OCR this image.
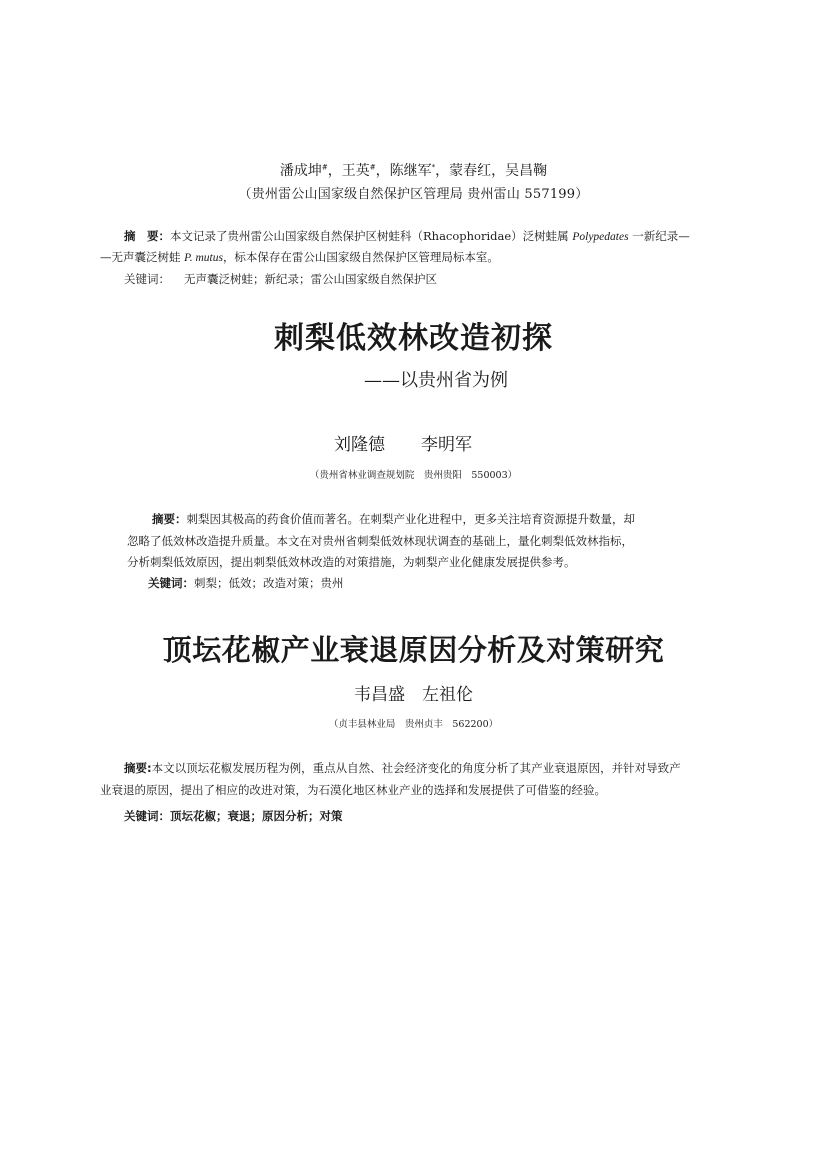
潘成坤#，王英#，陈继军*，蒙春红，吴昌鞠
（贵州雷公山国家级自然保护区管理局 贵州雷山 557199）
摘　要：本文记录了贵州雷公山国家级自然保护区树蛙科（Rhacophoridae）泛树蛙属 Polypedates 一新纪录—
—无声囊泛树蛙 P. mutus，标本保存在雷公山国家级自然保护区管理局标本室。
关键词： 无声囊泛树蛙；新纪录；雷公山国家级自然保护区
刺梨低效林改造初探
——以贵州省为例
刘隆德 李明军
（贵州省林业调查规划院　贵州贵阳　550003）
摘要：刺梨因其极高的药食价值而著名。在刺梨产业化进程中，更多关注培育资源提升数量，却
忽略了低效林改造提升质量。本文在对贵州省刺梨低效林现状调查的基础上，量化刺梨低效林指标，
分析刺梨低效原因，提出刺梨低效林改造的对策措施，为刺梨产业化健康发展提供参考。
关键词：刺梨；低效；改造对策；贵州
顶坛花椒产业衰退原因分析及对策研究
韦昌盛　左祖伦
（贞丰县林业局　贵州贞丰　562200）
摘要:本文以顶坛花椒发展历程为例，重点从自然、社会经济变化的角度分析了其产业衰退原因，并针对导致产
业衰退的原因，提出了相应的改进对策，为石漠化地区林业产业的选择和发展提供了可借鉴的经验。
关键词：顶坛花椒；衰退；原因分析；对策
